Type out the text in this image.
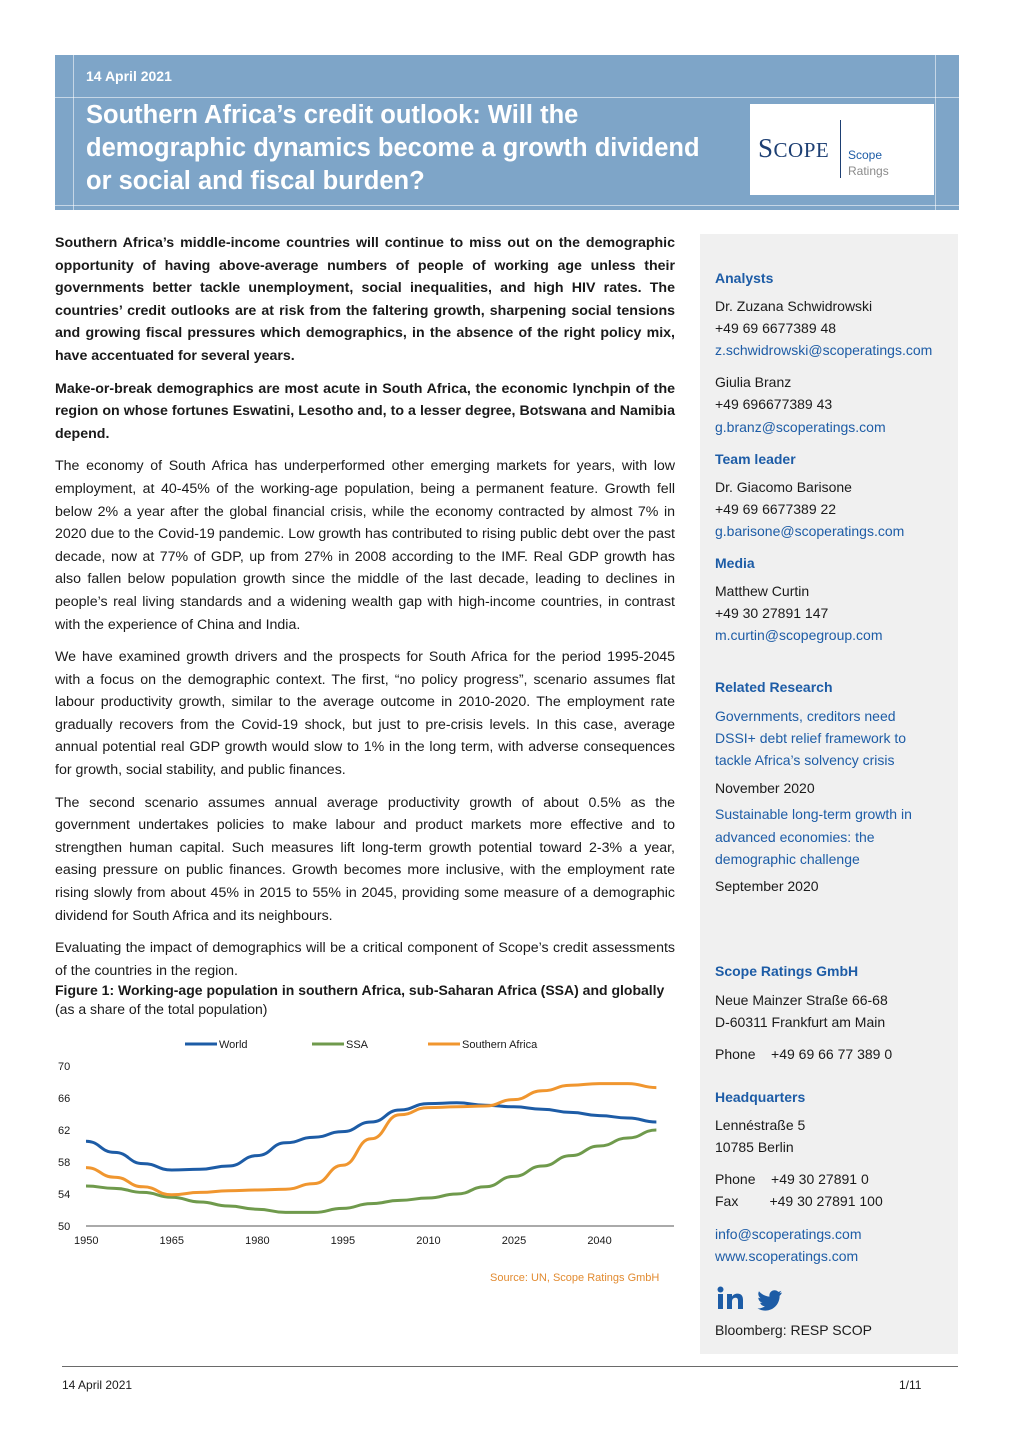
14 April 2021
Southern Africa’s credit outlook: Will the demographic dynamics become a growth dividend or social and fiscal burden?
SCOPE Scope
Ratings

Southern Africa’s middle-income countries will continue to miss out on the demographic opportunity of having above-average numbers of people of working age unless their governments better tackle unemployment, social inequalities, and high HIV rates. The countries’ credit outlooks are at risk from the faltering growth, sharpening social tensions and growing fiscal pressures which demographics, in the absence of the right policy mix, have accentuated for several years.

Make-or-break demographics are most acute in South Africa, the economic lynchpin of the region on whose fortunes Eswatini, Lesotho and, to a lesser degree, Botswana and Namibia depend.

The economy of South Africa has underperformed other emerging markets for years, with low employment, at 40-45% of the working-age population, being a permanent feature. Growth fell below 2% a year after the global financial crisis, while the economy contracted by almost 7% in 2020 due to the Covid-19 pandemic. Low growth has contributed to rising public debt over the past decade, now at 77% of GDP, up from 27% in 2008 according to the IMF. Real GDP growth has also fallen below population growth since the middle of the last decade, leading to declines in people’s real living standards and a widening wealth gap with high-income countries, in contrast with the experience of China and India.

We have examined growth drivers and the prospects for South Africa for the period 1995-2045 with a focus on the demographic context. The first, “no policy progress”, scenario assumes flat labour productivity growth, similar to the average outcome in 2010-2020. The employment rate gradually recovers from the Covid-19 shock, but just to pre-crisis levels. In this case, average annual potential real GDP growth would slow to 1% in the long term, with adverse consequences for growth, social stability, and public finances.

The second scenario assumes annual average productivity growth of about 0.5% as the government undertakes policies to make labour and product markets more effective and to strengthen human capital. Such measures lift long-term growth potential toward 2-3% a year, easing pressure on public finances. Growth becomes more inclusive, with the employment rate rising slowly from about 45% in 2015 to 55% in 2045, providing some measure of a demographic dividend for South Africa and its neighbours.

Evaluating the impact of demographics will be a critical component of Scope’s credit assessments of the countries in the region.

Figure 1: Working-age population in southern Africa, sub-Saharan Africa (SSA) and globally (as a share of the total population)
50
54
58
62
66
70
1950	1965	1980	1995	2010	2025	2040
World	SSA	Southern Africa
Source: UN, Scope Ratings GmbH
Analysts
Dr. Zuzana Schwidrowski
+49 69 6677389 48
z.schwidrowski@scoperatings.com
Giulia Branz
+49 696677389 43
g.branz@scoperatings.com
Team leader
Dr. Giacomo Barisone
+49 69 6677389 22
g.barisone@scoperatings.com
Media
Matthew Curtin
+49 30 27891 147
m.curtin@scopegroup.com
Related Research
Governments, creditors need
DSSI+ debt relief framework to
tackle Africa’s solvency crisis
November 2020
Sustainable long-term growth in
advanced economies: the
demographic challenge
September 2020
Scope Ratings GmbH
Neue Mainzer Straße 66-68
D-60311 Frankfurt am Main
Phone    +49 69 66 77 389 0
Headquarters
Lennéstraße 5
10785 Berlin
Phone    +49 30 27891 0
Fax        +49 30 27891 100
info@scoperatings.com
www.scoperatings.com
Bloomberg: RESP SCOP
14 April 2021	1/11
